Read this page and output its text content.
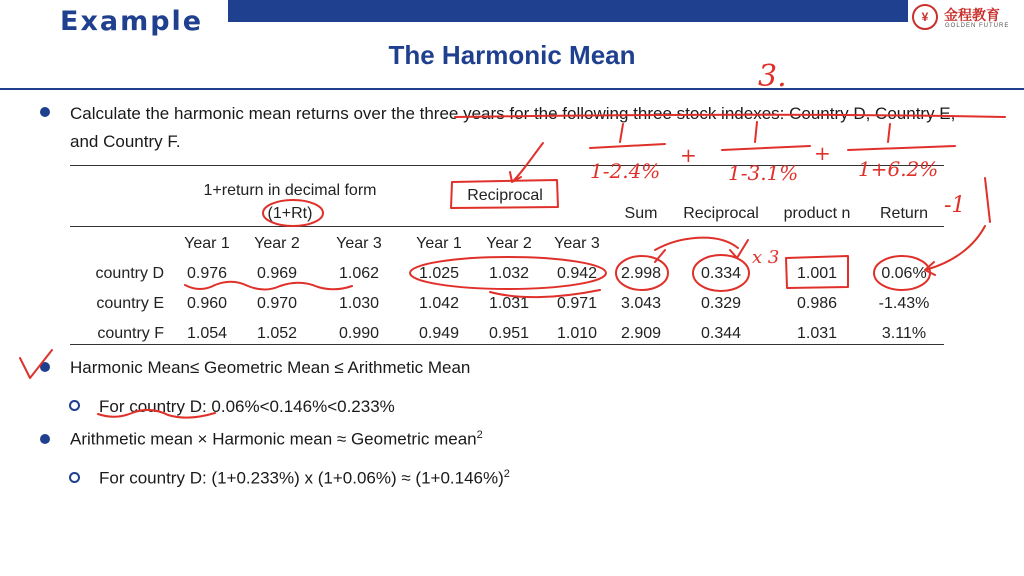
Example	¥	金程教育
GOLDEN FUTURE
The Harmonic Mean
Calculate the harmonic mean returns over the three years for the following three stock indexes: Country D, Country E, and Country F.
1+return in decimal form
(1+Rt)
Reciprocal
Sum	Reciprocal	product n	Return
Year 1	Year 2	Year 3	Year 1	Year 2	Year 3
country D	0.976	0.969	1.062	1.025	1.032	0.942	2.998	0.334	1.001	0.06%
country E	0.960	0.970	1.030	1.042	1.031	0.971	3.043	0.329	0.986	-1.43%
country F	1.054	1.052	0.990	0.949	0.951	1.010	2.909	0.344	1.031	3.11%
Harmonic Mean≤ Geometric Mean ≤ Arithmetic Mean
For country D: 0.06%<0.146%<0.233%
Arithmetic mean × Harmonic mean ≈ Geometric mean$^2$
For country D: (1+0.233%) x $(1+0.06\%) \approx (1+0.146\%)^2$
3.
1-2.4%
+
1-3.1%
+
1+6.2%
x 3
-1
